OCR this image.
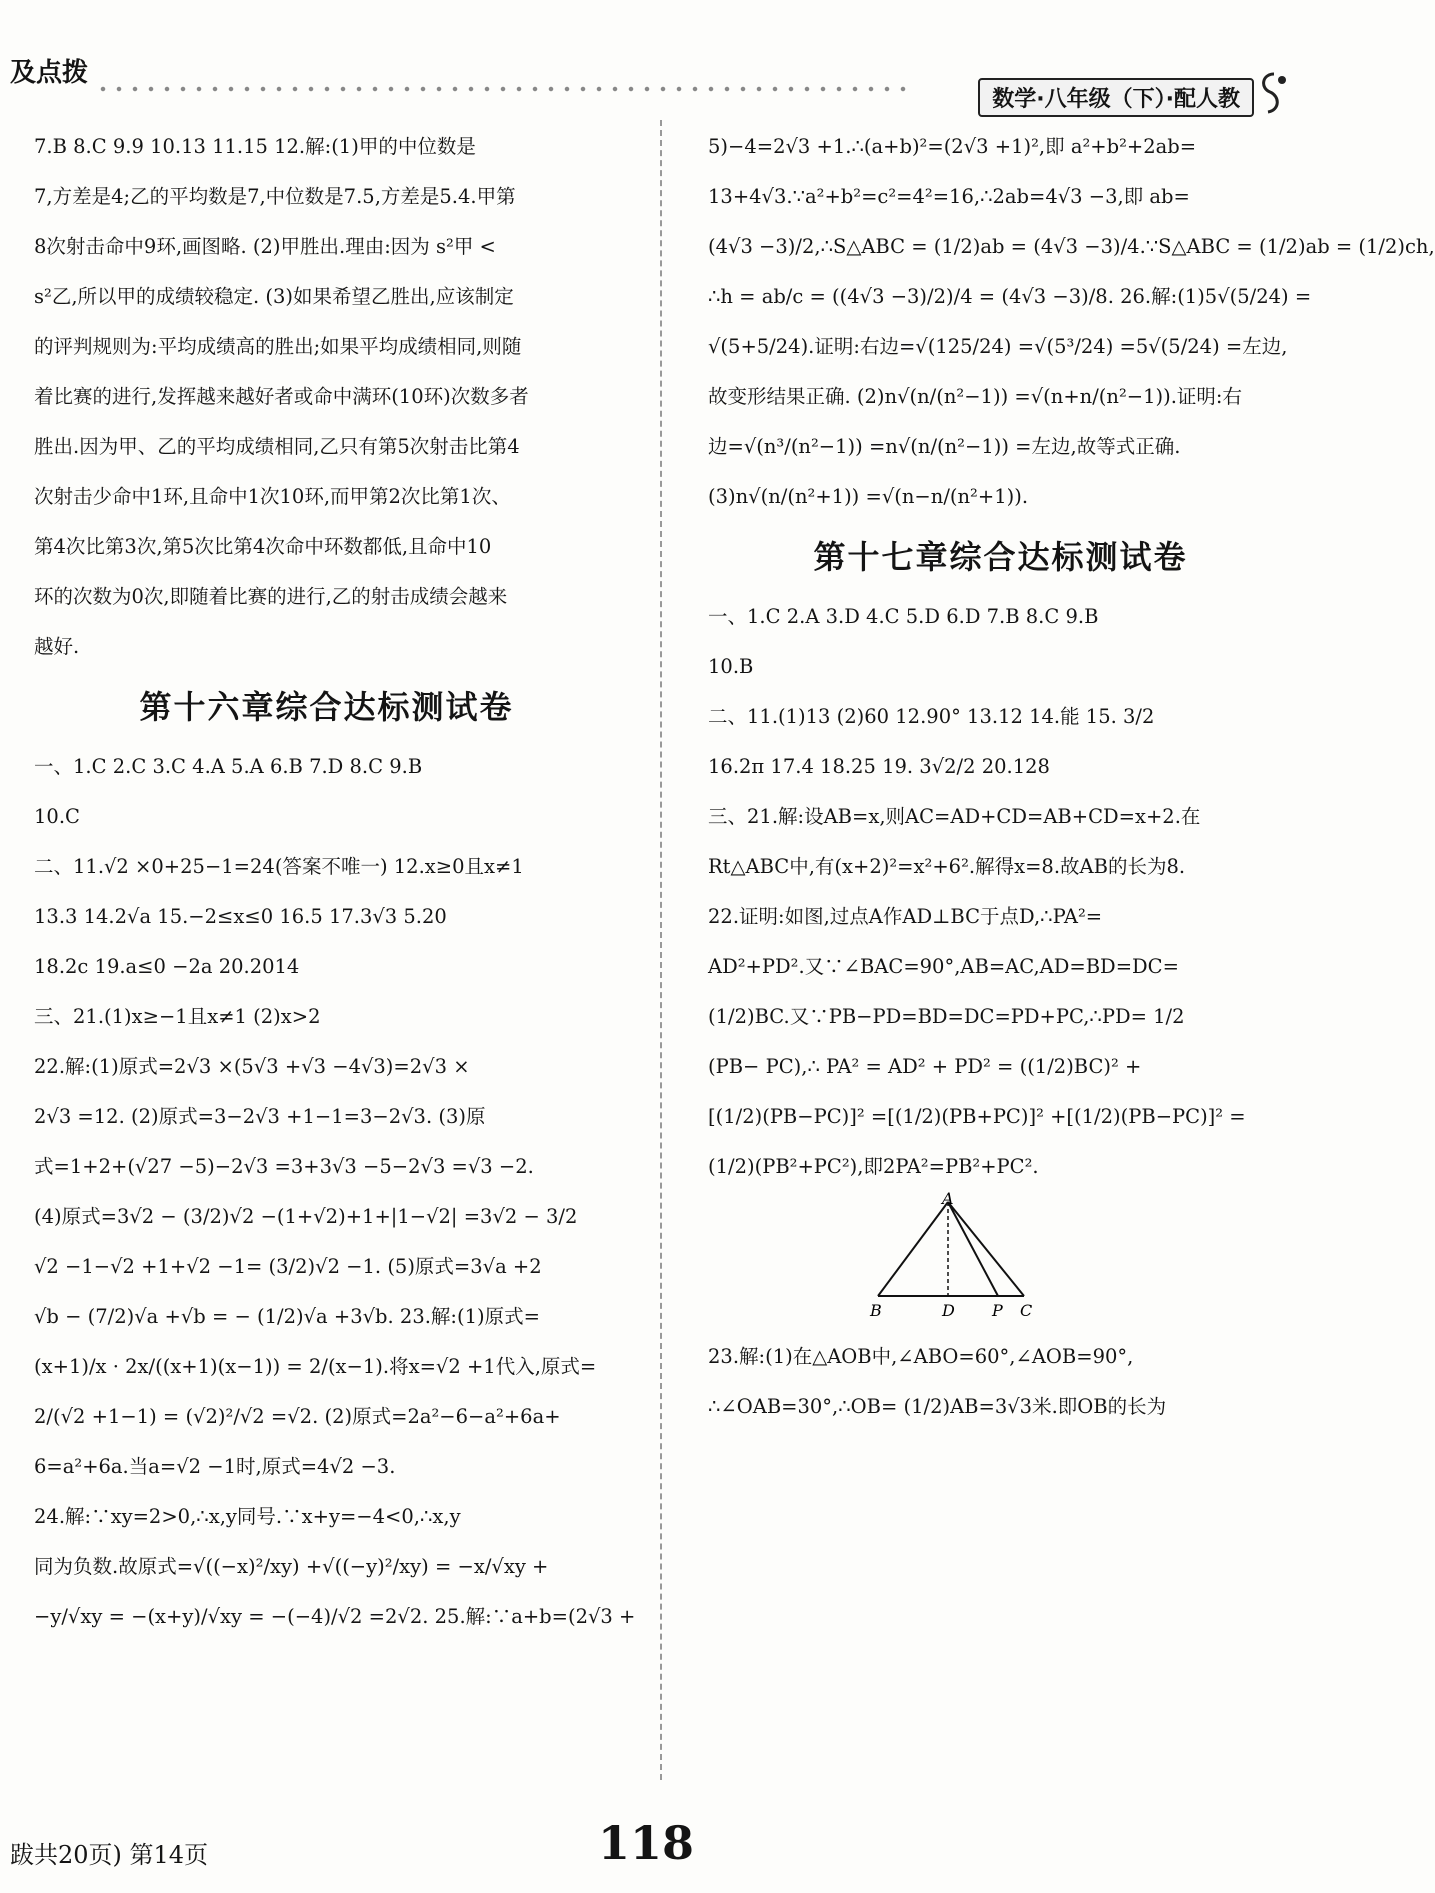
及点拨
数学·八年级（下）·配人教
7.B 8.C 9.9 10.13 11.15 12.解:(1)甲的中位数是
7,方差是4;乙的平均数是7,中位数是7.5,方差是5.4.甲第
8次射击命中9环,画图略. (2)甲胜出.理由:因为 s²甲 <
s²乙,所以甲的成绩较稳定. (3)如果希望乙胜出,应该制定
的评判规则为:平均成绩高的胜出;如果平均成绩相同,则随
着比赛的进行,发挥越来越好者或命中满环(10环)次数多者
胜出.因为甲、乙的平均成绩相同,乙只有第5次射击比第4
次射击少命中1环,且命中1次10环,而甲第2次比第1次、
第4次比第3次,第5次比第4次命中环数都低,且命中10
环的次数为0次,即随着比赛的进行,乙的射击成绩会越来
越好.
第十六章综合达标测试卷
一、1.C 2.C 3.C 4.A 5.A 6.B 7.D 8.C 9.B
10.C
二、11.√2 ×0+25−1=24(答案不唯一) 12.x≥0且x≠1
13.3 14.2√a 15.−2≤x≤0 16.5 17.3√3 5.20
18.2c 19.a≤0 −2a 20.2014
三、21.(1)x≥−1且x≠1 (2)x>2
22.解:(1)原式=2√3 ×(5√3 +√3 −4√3)=2√3 ×
2√3 =12. (2)原式=3−2√3 +1−1=3−2√3. (3)原
式=1+2+(√27 −5)−2√3 =3+3√3 −5−2√3 =√3 −2.
(4)原式=3√2 − (3/2)√2 −(1+√2)+1+|1−√2| =3√2 − 3/2
√2 −1−√2 +1+√2 −1= (3/2)√2 −1. (5)原式=3√a +2
√b − (7/2)√a +√b = − (1/2)√a +3√b. 23.解:(1)原式=
(x+1)/x · 2x/((x+1)(x−1)) = 2/(x−1).将x=√2 +1代入,原式=
2/(√2 +1−1) = (√2)²/√2 =√2. (2)原式=2a²−6−a²+6a+
6=a²+6a.当a=√2 −1时,原式=4√2 −3.
24.解:∵xy=2>0,∴x,y同号.∵x+y=−4<0,∴x,y
同为负数.故原式=√((−x)²/xy) +√((−y)²/xy) = −x/√xy +
−y/√xy = −(x+y)/√xy = −(−4)/√2 =2√2. 25.解:∵a+b=(2√3 +
5)−4=2√3 +1.∴(a+b)²=(2√3 +1)²,即 a²+b²+2ab=
13+4√3.∵a²+b²=c²=4²=16,∴2ab=4√3 −3,即 ab=
(4√3 −3)/2,∴S△ABC = (1/2)ab = (4√3 −3)/4.∵S△ABC = (1/2)ab = (1/2)ch,
∴h = ab/c = ((4√3 −3)/2)/4 = (4√3 −3)/8. 26.解:(1)5√(5/24) =
√(5+5/24).证明:右边=√(125/24) =√(5³/24) =5√(5/24) =左边,
故变形结果正确. (2)n√(n/(n²−1)) =√(n+n/(n²−1)).证明:右
边=√(n³/(n²−1)) =n√(n/(n²−1)) =左边,故等式正确.
(3)n√(n/(n²+1)) =√(n−n/(n²+1)).
第十七章综合达标测试卷
一、1.C 2.A 3.D 4.C 5.D 6.D 7.B 8.C 9.B
10.B
二、11.(1)13 (2)60 12.90° 13.12 14.能 15. 3/2
16.2π 17.4 18.25 19. 3√2/2 20.128
三、21.解:设AB=x,则AC=AD+CD=AB+CD=x+2.在
Rt△ABC中,有(x+2)²=x²+6².解得x=8.故AB的长为8.
22.证明:如图,过点A作AD⊥BC于点D,∴PA²=
AD²+PD².又∵∠BAC=90°,AB=AC,AD=BD=DC=
(1/2)BC.又∵PB−PD=BD=DC=PD+PC,∴PD= 1/2
(PB− PC),∴ PA² = AD² + PD² = ((1/2)BC)² +
[(1/2)(PB−PC)]² =[(1/2)(PB+PC)]² +[(1/2)(PB−PC)]² =
(1/2)(PB²+PC²),即2PA²=PB²+PC².
A
B	D P C
23.解:(1)在△AOB中,∠ABO=60°,∠AOB=90°,
∴∠OAB=30°,∴OB= (1/2)AB=3√3米.即OB的长为
跋共20页) 第14页	118
